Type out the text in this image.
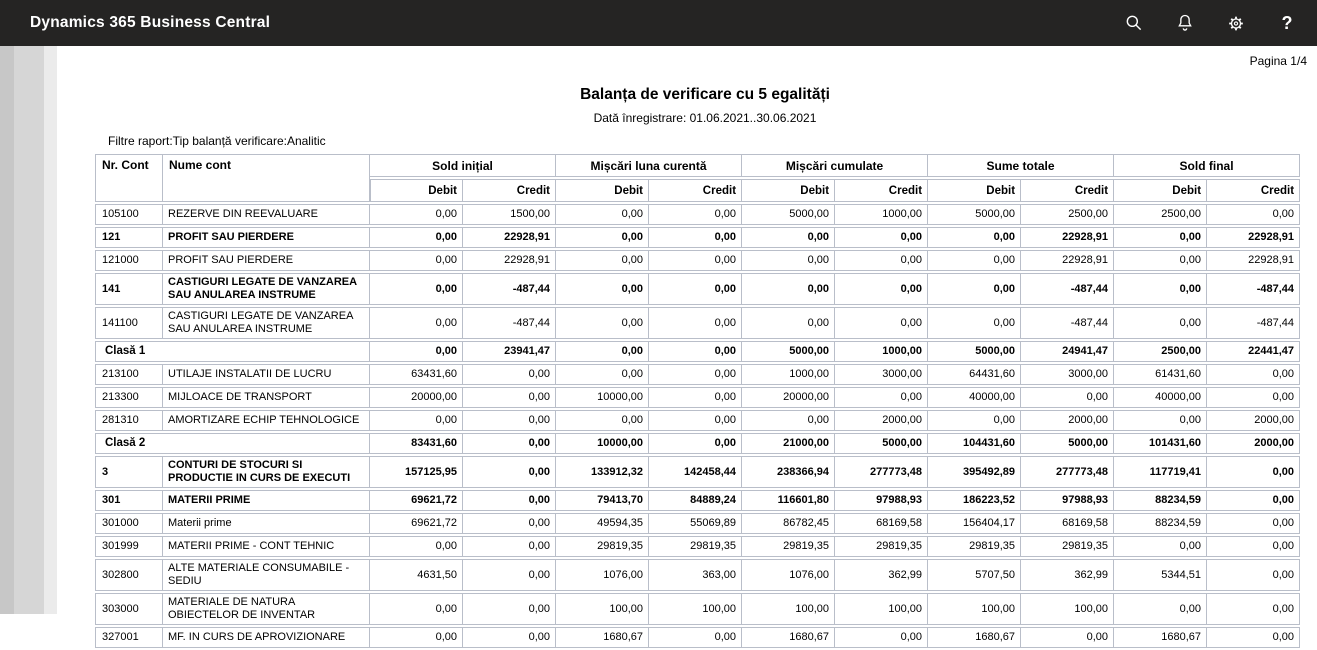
Dynamics 365 Business Central	?
Pagina 1/4
Balanța de verificare cu 5 egalități
Dată înregistrare: 01.06.2021..30.06.2021
Filtre raport:Tip balanță verificare:Analitic
Nr. Cont	Nume cont	Sold inițial		Mișcări luna curentă		Mișcări cumulate		Sume totale		Sold final	
		Debit	Credit	Debit	Credit	Debit	Credit	Debit	Credit	Debit	Credit
105100	REZERVE DIN REEVALUARE	0,00	1500,00	0,00	0,00	5000,00	1000,00	5000,00	2500,00	2500,00	0,00
121	PROFIT SAU PIERDERE	0,00	22928,91	0,00	0,00	0,00	0,00	0,00	22928,91	0,00	22928,91
121000	PROFIT SAU PIERDERE	0,00	22928,91	0,00	0,00	0,00	0,00	0,00	22928,91	0,00	22928,91
141	CASTIGURI LEGATE DE VANZAREA SAU ANULAREA INSTRUME	0,00	-487,44	0,00	0,00	0,00	0,00	0,00	-487,44	0,00	-487,44
141100	CASTIGURI LEGATE DE VANZAREA SAU ANULAREA INSTRUME	0,00	-487,44	0,00	0,00	0,00	0,00	0,00	-487,44	0,00	-487,44
Clasă 1		0,00	23941,47	0,00	0,00	5000,00	1000,00	5000,00	24941,47	2500,00	22441,47
213100	UTILAJE INSTALATII DE LUCRU	63431,60	0,00	0,00	0,00	1000,00	3000,00	64431,60	3000,00	61431,60	0,00
213300	MIJLOACE DE TRANSPORT	20000,00	0,00	10000,00	0,00	20000,00	0,00	40000,00	0,00	40000,00	0,00
281310	AMORTIZARE ECHIP TEHNOLOGICE	0,00	0,00	0,00	0,00	0,00	2000,00	0,00	2000,00	0,00	2000,00
Clasă 2		83431,60	0,00	10000,00	0,00	21000,00	5000,00	104431,60	5000,00	101431,60	2000,00
3	CONTURI DE STOCURI SI PRODUCTIE IN CURS DE EXECUTI	157125,95	0,00	133912,32	142458,44	238366,94	277773,48	395492,89	277773,48	117719,41	0,00
301	MATERII PRIME	69621,72	0,00	79413,70	84889,24	116601,80	97988,93	186223,52	97988,93	88234,59	0,00
301000	Materii prime	69621,72	0,00	49594,35	55069,89	86782,45	68169,58	156404,17	68169,58	88234,59	0,00
301999	MATERII PRIME - CONT TEHNIC	0,00	0,00	29819,35	29819,35	29819,35	29819,35	29819,35	29819,35	0,00	0,00
302800	ALTE MATERIALE CONSUMABILE - SEDIU	4631,50	0,00	1076,00	363,00	1076,00	362,99	5707,50	362,99	5344,51	0,00
303000	MATERIALE DE NATURA OBIECTELOR DE INVENTAR	0,00	0,00	100,00	100,00	100,00	100,00	100,00	100,00	0,00	0,00
327001	MF. IN CURS DE APROVIZIONARE	0,00	0,00	1680,67	0,00	1680,67	0,00	1680,67	0,00	1680,67	0,00
